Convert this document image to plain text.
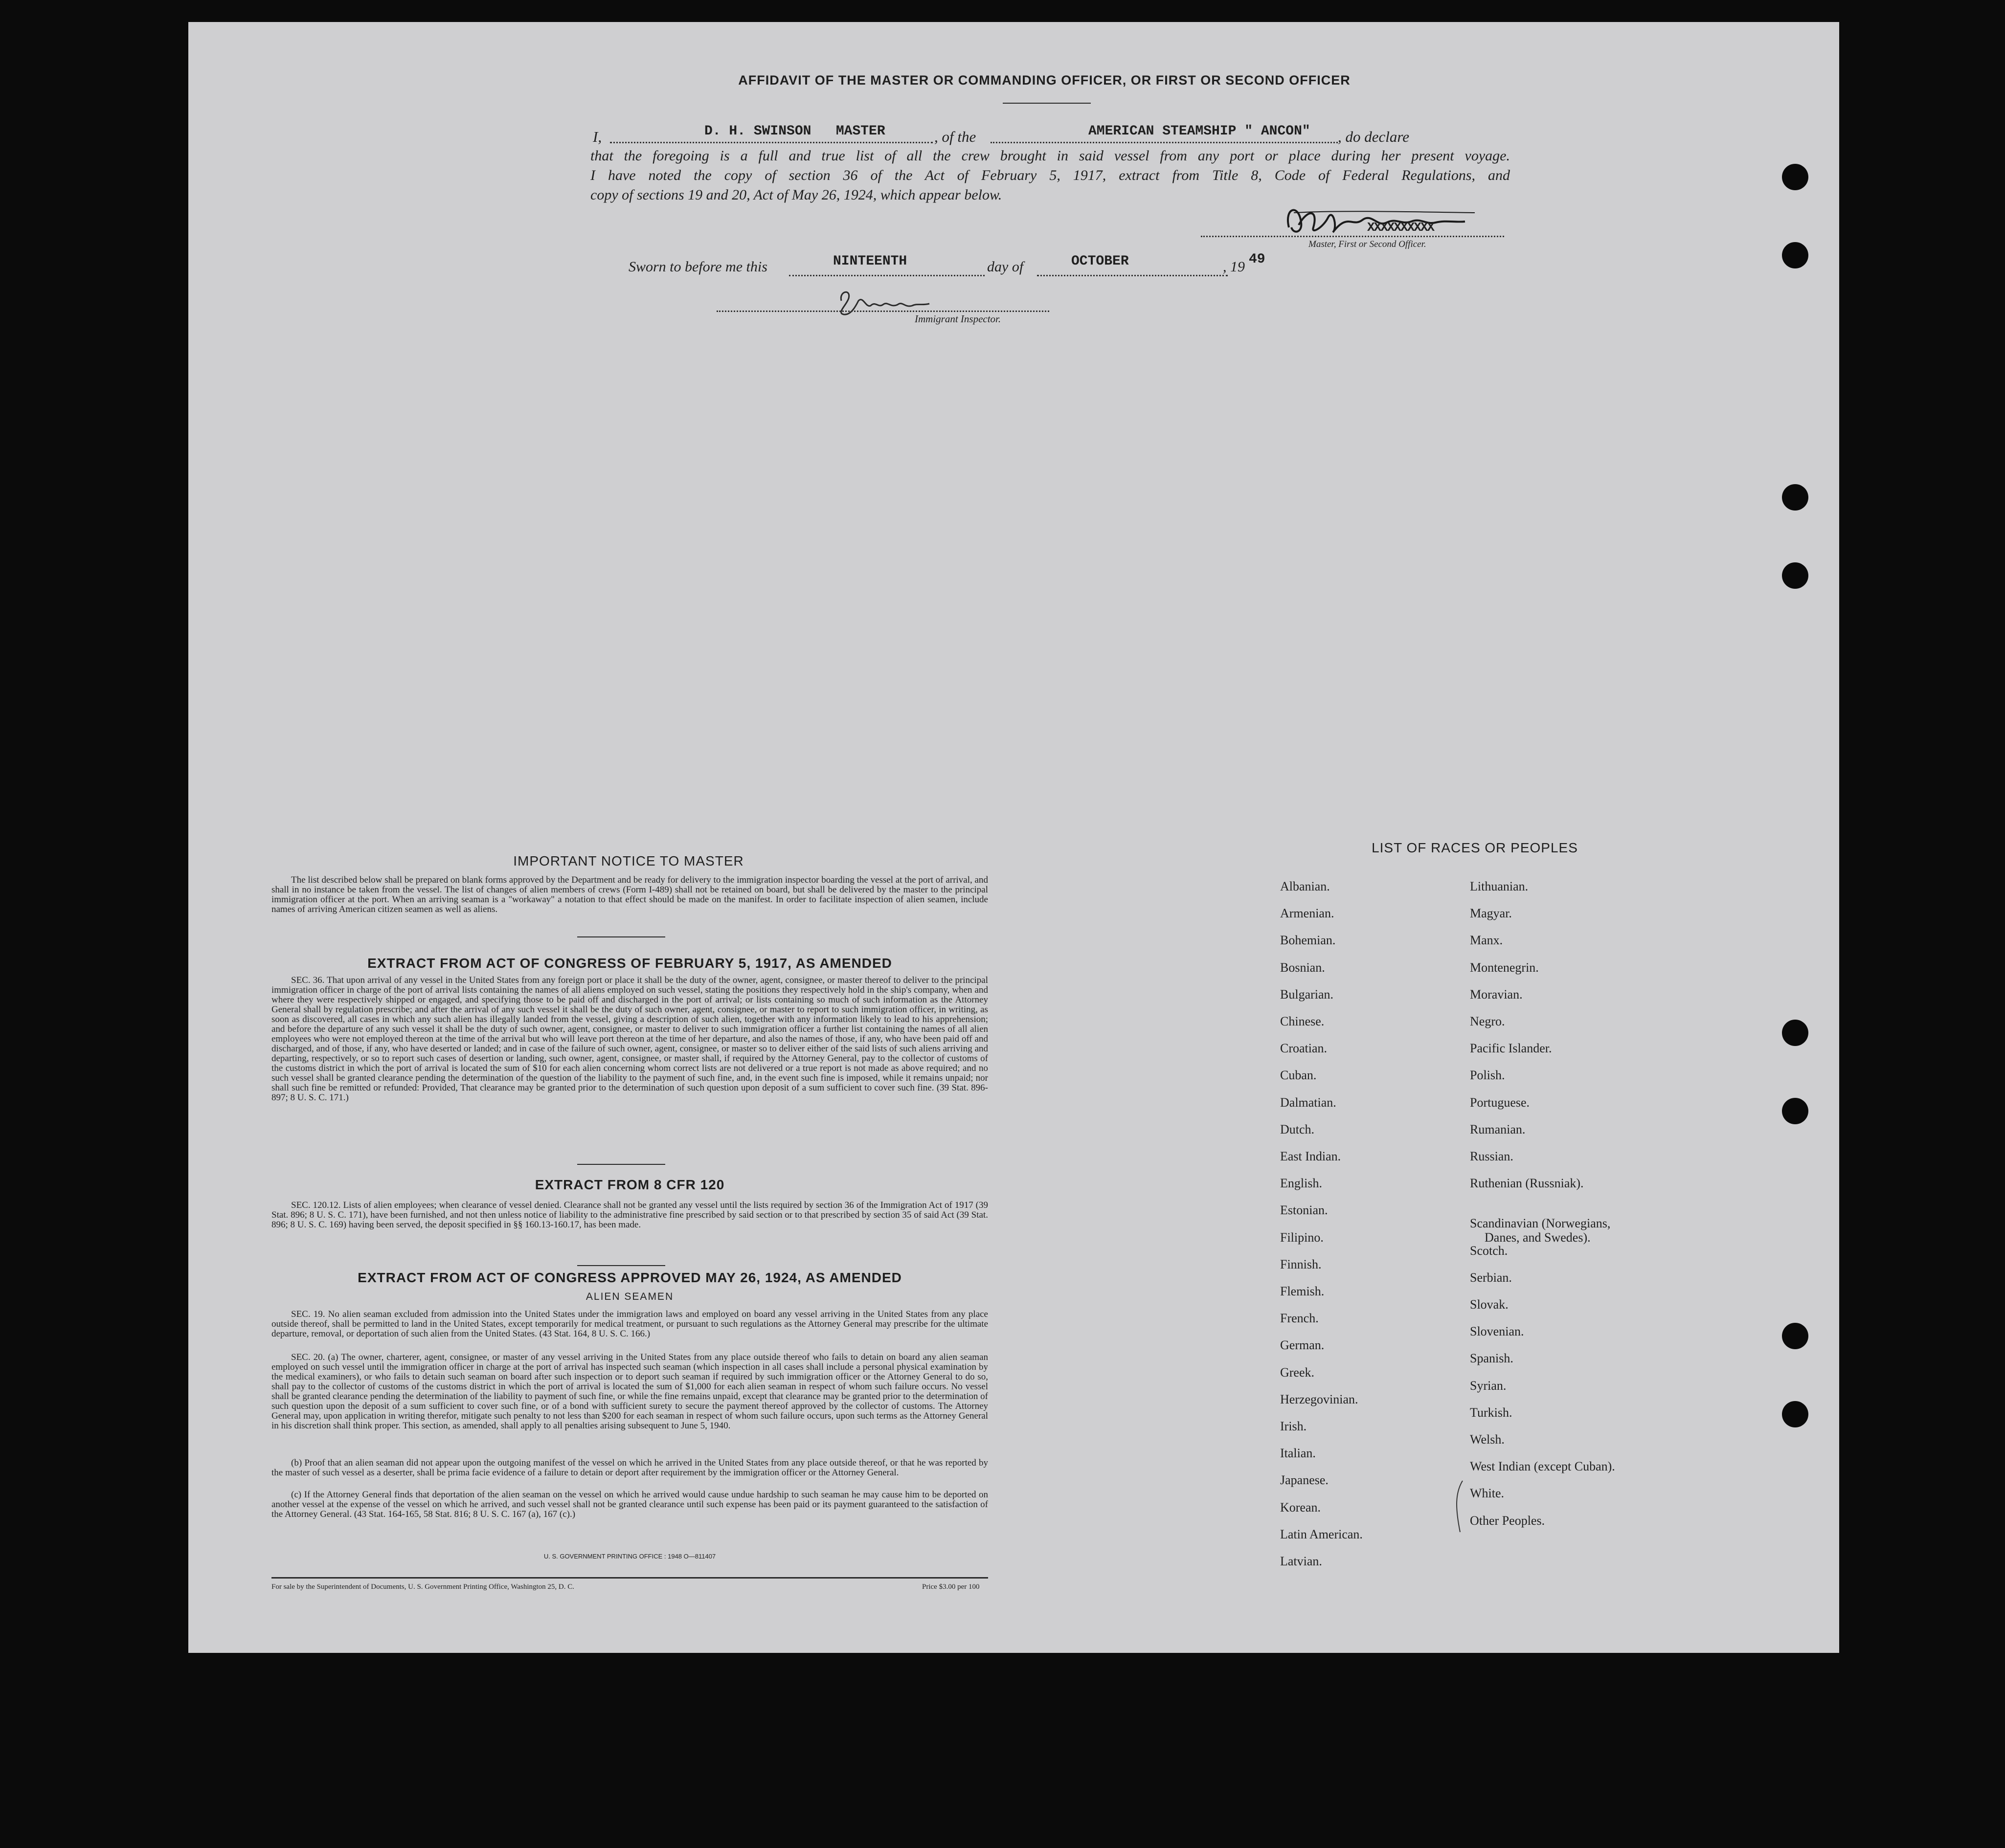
AFFIDAVIT OF THE MASTER OR COMMANDING OFFICER, OR FIRST OR SECOND OFFICER
I,	D. H. SWINSON   MASTER	, of the	AMERICAN STEAMSHIP " ANCON" , do declare
that the foregoing is a full and true list of all the crew brought in said vessel from any port or place during her present voyage.
I have noted the copy of section 36 of the Act of February 5, 1917, extract from Title 8, Code of Federal Regulations, and
copy of sections 19 and 20, Act of May 26, 1924, which appear below.
XXXXXXXXXX
Master, First or Second Officer.
Sworn to before me this	NINTEENTH	day of	OCTOBER	, 19 49
Immigrant Inspector.
IMPORTANT NOTICE TO MASTER
The list described below shall be prepared on blank forms approved by the Department and be ready for delivery to the immigration inspector boarding the vessel at the port of arrival, and shall in no instance be taken from the vessel. The list of changes of alien members of crews (Form I-489) shall not be retained on board, but shall be delivered by the master to the principal immigration officer at the port. When an arriving seaman is a "workaway" a notation to that effect should be made on the manifest. In order to facilitate inspection of alien seamen, include names of arriving American citizen seamen as well as aliens.
EXTRACT FROM ACT OF CONGRESS OF FEBRUARY 5, 1917, AS AMENDED
SEC. 36. That upon arrival of any vessel in the United States from any foreign port or place it shall be the duty of the owner, agent, consignee, or master thereof to deliver to the principal immigration officer in charge of the port of arrival lists containing the names of all aliens employed on such vessel, stating the positions they respectively hold in the ship's company, when and where they were respectively shipped or engaged, and specifying those to be paid off and discharged in the port of arrival; or lists containing so much of such information as the Attorney General shall by regulation prescribe; and after the arrival of any such vessel it shall be the duty of such owner, agent, consignee, or master to report to such immigration officer, in writing, as soon as discovered, all cases in which any such alien has illegally landed from the vessel, giving a description of such alien, together with any information likely to lead to his apprehension; and before the departure of any such vessel it shall be the duty of such owner, agent, consignee, or master to deliver to such immigration officer a further list containing the names of all alien employees who were not employed thereon at the time of the arrival but who will leave port thereon at the time of her departure, and also the names of those, if any, who have been paid off and discharged, and of those, if any, who have deserted or landed; and in case of the failure of such owner, agent, consignee, or master so to deliver either of the said lists of such aliens arriving and departing, respectively, or so to report such cases of desertion or landing, such owner, agent, consignee, or master shall, if required by the Attorney General, pay to the collector of customs of the customs district in which the port of arrival is located the sum of $10 for each alien concerning whom correct lists are not delivered or a true report is not made as above required; and no such vessel shall be granted clearance pending the determination of the question of the liability to the payment of such fine, and, in the event such fine is imposed, while it remains unpaid; nor shall such fine be remitted or refunded: Provided, That clearance may be granted prior to the determination of such question upon deposit of a sum sufficient to cover such fine. (39 Stat. 896-897; 8 U. S. C. 171.)
EXTRACT FROM 8 CFR 120
SEC. 120.12. Lists of alien employees; when clearance of vessel denied. Clearance shall not be granted any vessel until the lists required by section 36 of the Immigration Act of 1917 (39 Stat. 896; 8 U. S. C. 171), have been furnished, and not then unless notice of liability to the administrative fine prescribed by said section or to that prescribed by section 35 of said Act (39 Stat. 896; 8 U. S. C. 169) having been served, the deposit specified in §§ 160.13-160.17, has been made.
EXTRACT FROM ACT OF CONGRESS APPROVED MAY 26, 1924, AS AMENDED
ALIEN SEAMEN
SEC. 19. No alien seaman excluded from admission into the United States under the immigration laws and employed on board any vessel arriving in the United States from any place outside thereof, shall be permitted to land in the United States, except temporarily for medical treatment, or pursuant to such regulations as the Attorney General may prescribe for the ultimate departure, removal, or deportation of such alien from the United States. (43 Stat. 164, 8 U. S. C. 166.)
SEC. 20. (a) The owner, charterer, agent, consignee, or master of any vessel arriving in the United States from any place outside thereof who fails to detain on board any alien seaman employed on such vessel until the immigration officer in charge at the port of arrival has inspected such seaman (which inspection in all cases shall include a personal physical examination by the medical examiners), or who fails to detain such seaman on board after such inspection or to deport such seaman if required by such immigration officer or the Attorney General to do so, shall pay to the collector of customs of the customs district in which the port of arrival is located the sum of $1,000 for each alien seaman in respect of whom such failure occurs. No vessel shall be granted clearance pending the determination of the liability to payment of such fine, or while the fine remains unpaid, except that clearance may be granted prior to the determination of such question upon the deposit of a sum sufficient to cover such fine, or of a bond with sufficient surety to secure the payment thereof approved by the collector of customs. The Attorney General may, upon application in writing therefor, mitigate such penalty to not less than $200 for each seaman in respect of whom such failure occurs, upon such terms as the Attorney General in his discretion shall think proper. This section, as amended, shall apply to all penalties arising subsequent to June 5, 1940.
(b) Proof that an alien seaman did not appear upon the outgoing manifest of the vessel on which he arrived in the United States from any place outside thereof, or that he was reported by the master of such vessel as a deserter, shall be prima facie evidence of a failure to detain or deport after requirement by the immigration officer or the Attorney General.
(c) If the Attorney General finds that deportation of the alien seaman on the vessel on which he arrived would cause undue hardship to such seaman he may cause him to be deported on another vessel at the expense of the vessel on which he arrived, and such vessel shall not be granted clearance until such expense has been paid or its payment guaranteed to the satisfaction of the Attorney General. (43 Stat. 164-165, 58 Stat. 816; 8 U. S. C. 167 (a), 167 (c).)
U. S. GOVERNMENT PRINTING OFFICE : 1948 O—811407
For sale by the Superintendent of Documents, U. S. Government Printing Office, Washington 25, D. C.	Price $3.00 per 100
LIST OF RACES OR PEOPLES
Albanian.
Armenian.
Bohemian.
Bosnian.
Bulgarian.
Chinese.
Croatian.
Cuban.
Dalmatian.
Dutch.
East Indian.
English.
Estonian.
Filipino.
Finnish.
Flemish.
French.
German.
Greek.
Herzegovinian.
Irish.
Italian.
Japanese.
Korean.
Latin American.
Latvian.
Lithuanian.
Magyar.
Manx.
Montenegrin.
Moravian.
Negro.
Pacific Islander.
Polish.
Portuguese.
Rumanian.
Russian.
Ruthenian (Russniak).
Scandinavian (Norwegians,
Danes, and Swedes).
Scotch.
Serbian.
Slovak.
Slovenian.
Spanish.
Syrian.
Turkish.
Welsh.
West Indian (except Cuban).
White.
Other Peoples.
